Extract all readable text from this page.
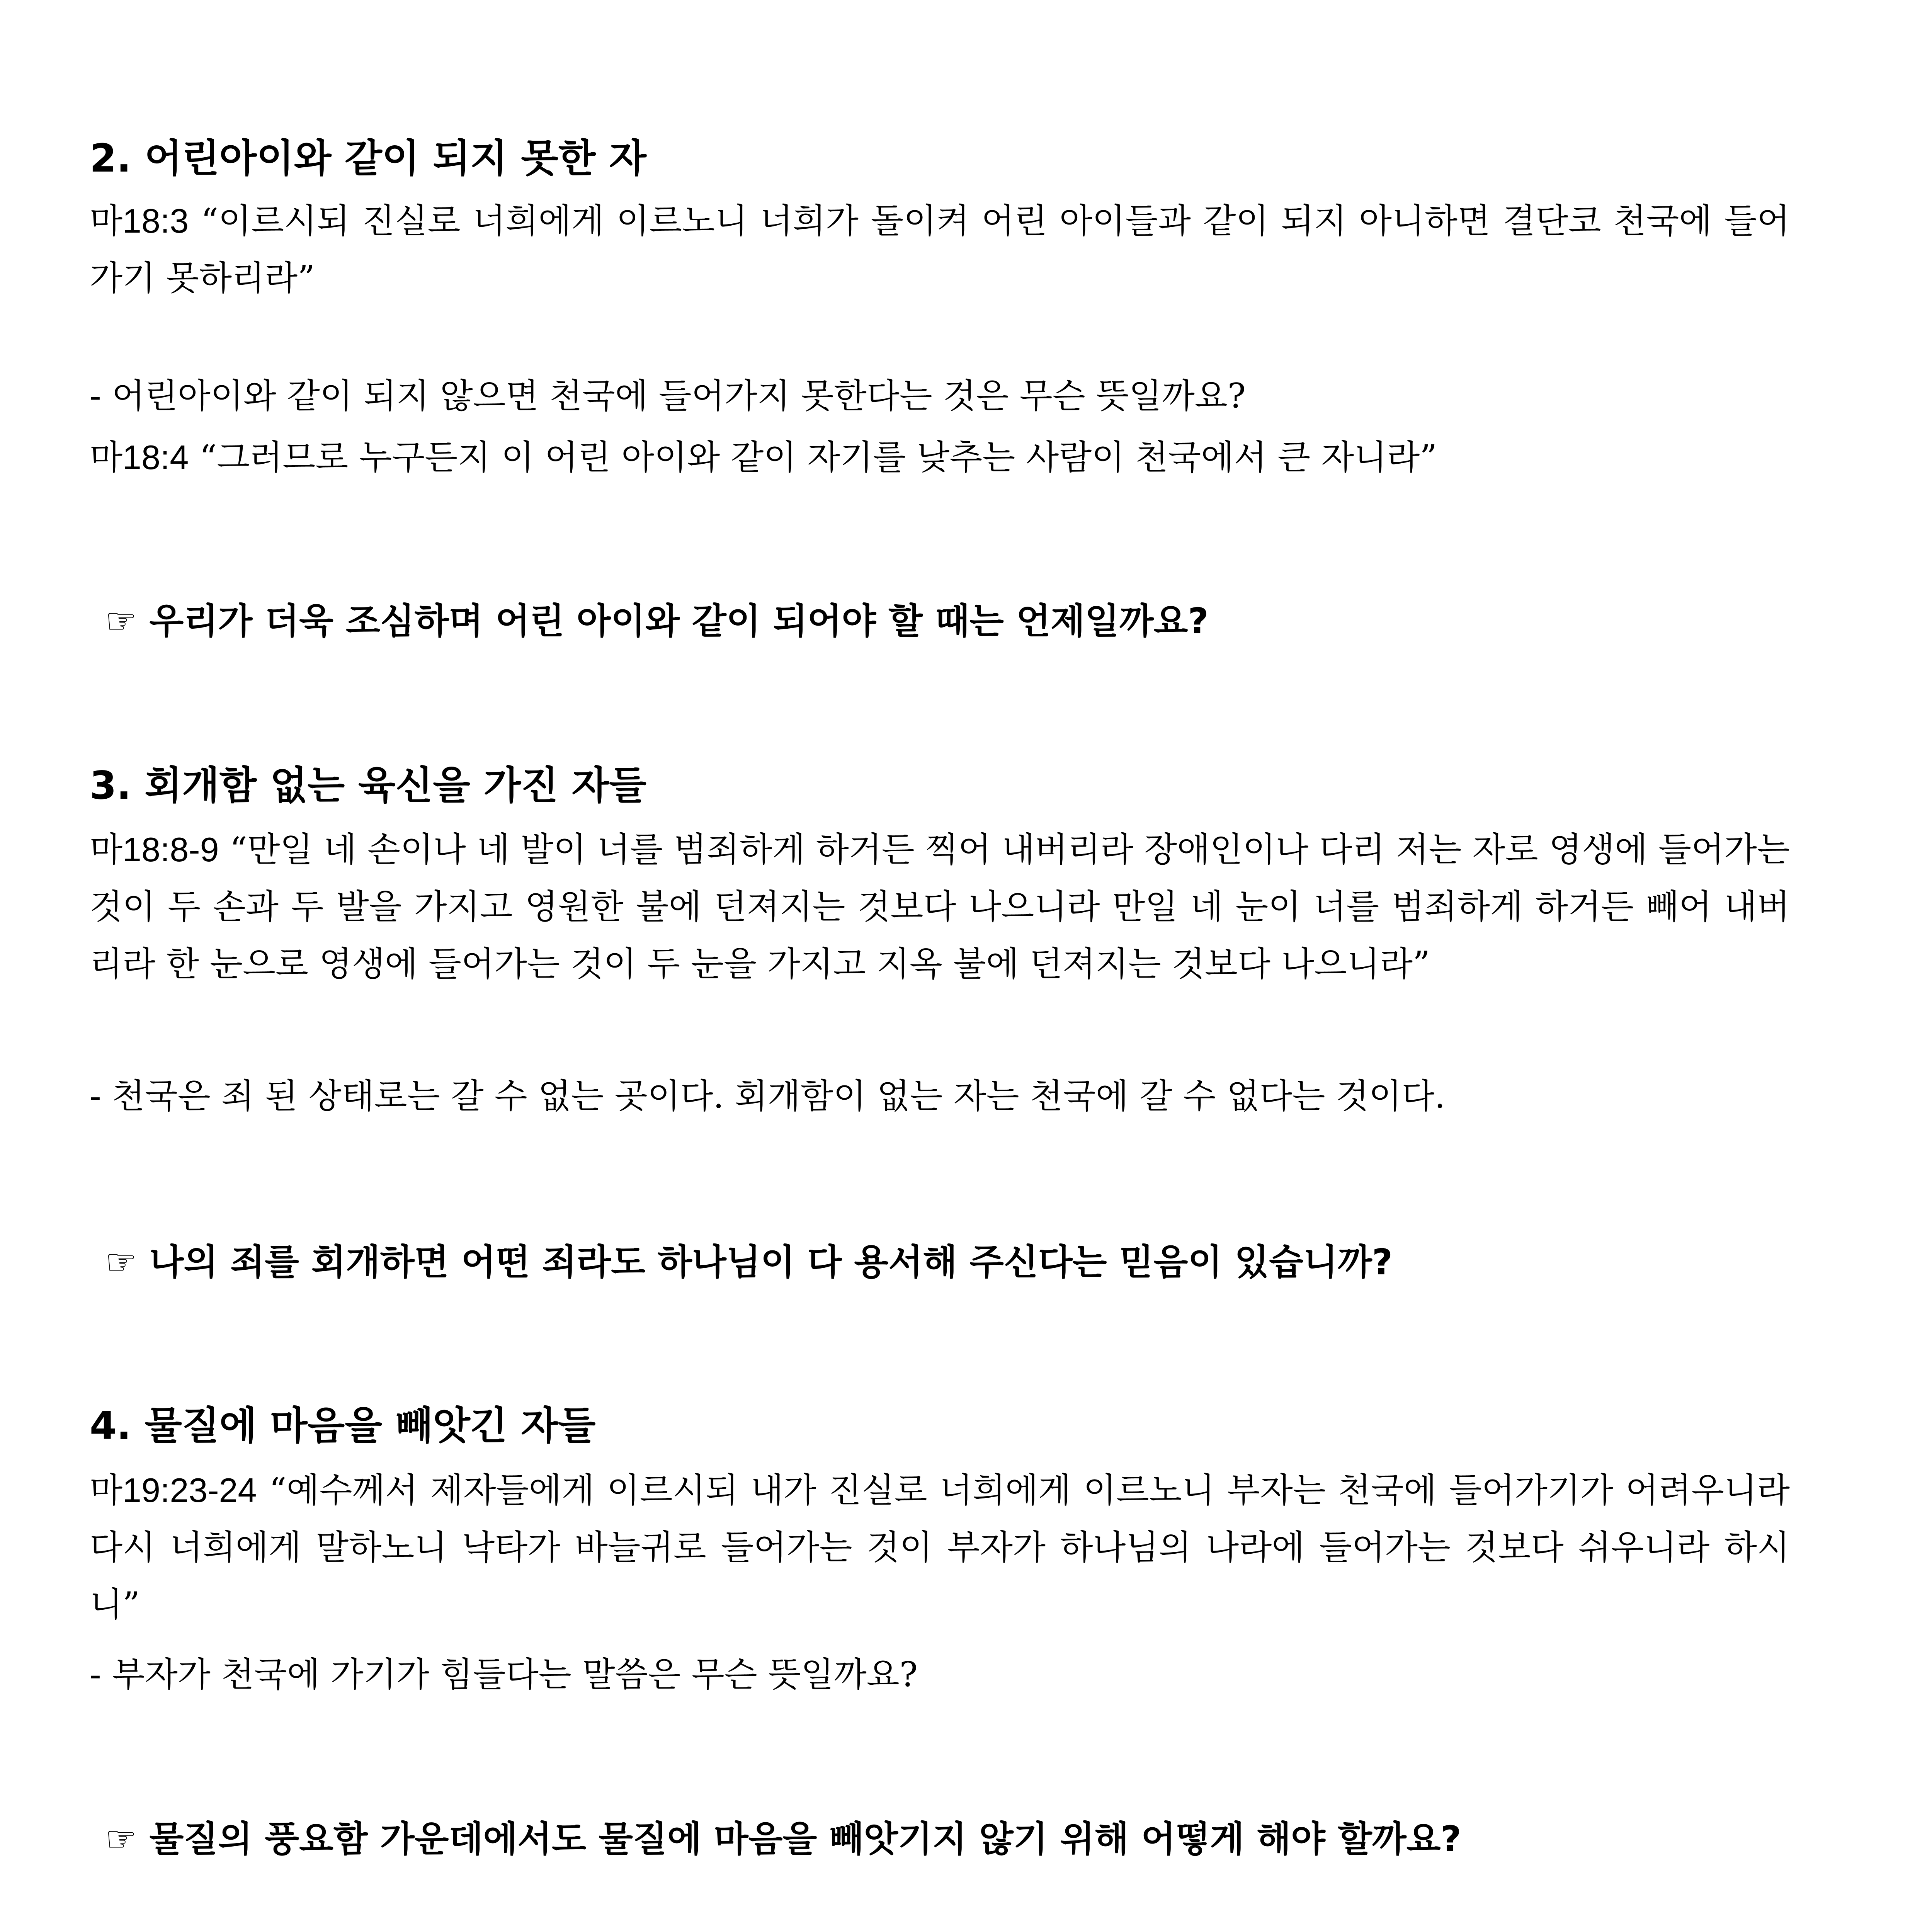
2. 어린아이와 같이 되지 못한 자

마18:3 “이르시되 진실로 너희에게 이르노니 너희가 돌이켜 어린 아이들과 같이 되지 아니하면 결단코 천국에 들어가기 못하리라”

- 어린아이와 같이 되지 않으면 천국에 들어가지 못한다는 것은 무슨 뜻일까요?

마18:4 “그러므로 누구든지 이 어린 아이와 같이 자기를 낮추는 사람이 천국에서 큰 자니라”

☞ 우리가 더욱 조심하며 어린 아이와 같이 되어야 할 때는 언제일까요?
3. 회개함 없는 육신을 가진 자들

마18:8-9 “만일 네 손이나 네 발이 너를 범죄하게 하거든 찍어 내버리라 장애인이나 다리 저는 자로 영생에 들어가는 것이 두 손과 두 발을 가지고 영원한 불에 던져지는 것보다 나으니라 만일 네 눈이 너를 범죄하게 하거든 빼어 내버리라 한 눈으로 영생에 들어가는 것이 두 눈을 가지고 지옥 불에 던져지는 것보다 나으니라”

- 천국은 죄 된 상태로는 갈 수 없는 곳이다. 회개함이 없는 자는 천국에 갈 수 없다는 것이다.

☞ 나의 죄를 회개하면 어떤 죄라도 하나님이 다 용서해 주신다는 믿음이 있습니까?
4. 물질에 마음을 빼앗긴 자들

마19:23-24 “예수께서 제자들에게 이르시되 내가 진실로 너희에게 이르노니 부자는 천국에 들어가기가 어려우니라 다시 너희에게 말하노니 낙타가 바늘귀로 들어가는 것이 부자가 하나님의 나라에 들어가는 것보다 쉬우니라 하시니”

- 부자가 천국에 가기가 힘들다는 말씀은 무슨 뜻일까요?

☞ 물질의 풍요함 가운데에서도 물질에 마음을 빼앗기지 않기 위해 어떻게 해야 할까요?
